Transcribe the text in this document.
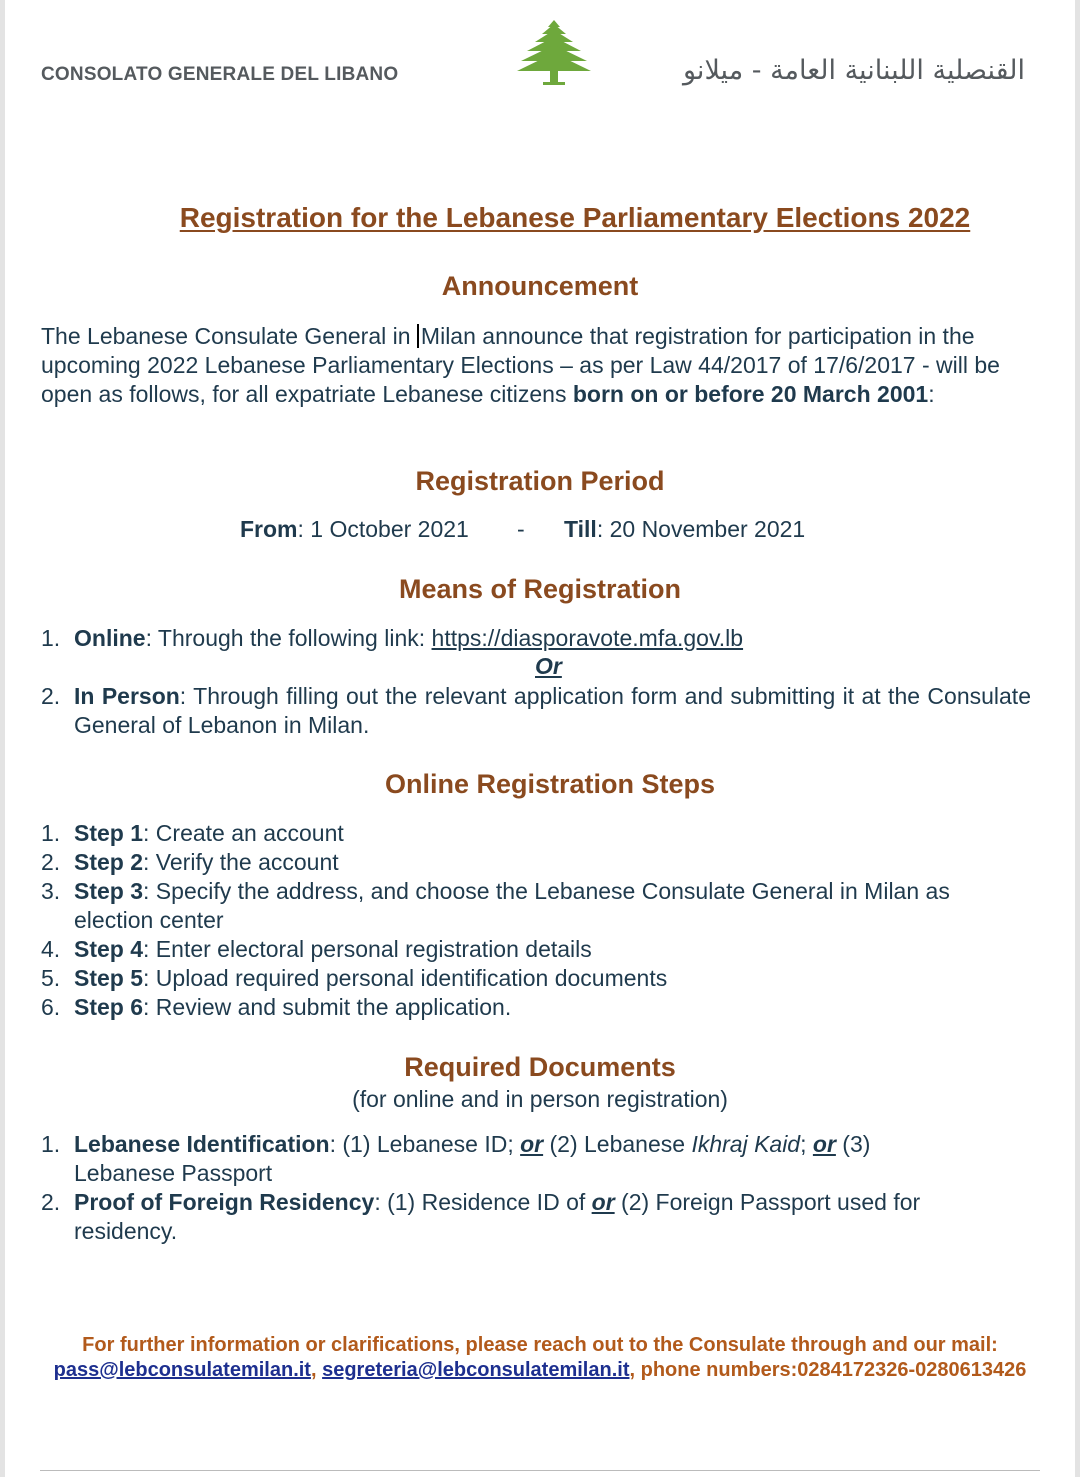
CONSOLATO GENERALE DEL LIBANO	القنصلية اللبنانية العامة - ميلانو
Registration for the Lebanese Parliamentary Elections 2022
Announcement
The Lebanese Consulate General in Milan announce that registration for participation in the upcoming 2022 Lebanese Parliamentary Elections – as per Law 44/2017 of 17/6/2017 - will be open as follows, for all expatriate Lebanese citizens born on or before 20 March 2001:
Registration Period
From: 1 October 2021 - Till: 20 November 2021
Means of Registration
1. Online: Through the following link: https://diasporavote.mfa.gov.lb
Or
2. In Person: Through filling out the relevant application form and submitting it at the Consulate General of Lebanon in Milan.
Online Registration Steps
1. Step 1: Create an account
2. Step 2: Verify the account
3. Step 3: Specify the address, and choose the Lebanese Consulate General in Milan as election center
4. Step 4: Enter electoral personal registration details
5. Step 5: Upload required personal identification documents
6. Step 6: Review and submit the application.
Required Documents
(for online and in person registration)
1. Lebanese Identification: (1) Lebanese ID; or (2) Lebanese Ikhraj Kaid; or (3) Lebanese Passport
2. Proof of Foreign Residency: (1) Residence ID of or (2) Foreign Passport used for residency.
For further information or clarifications, please reach out to the Consulate through and our mail: pass@lebconsulatemilan.it, segreteria@lebconsulatemilan.it, phone numbers:0284172326-0280613426
